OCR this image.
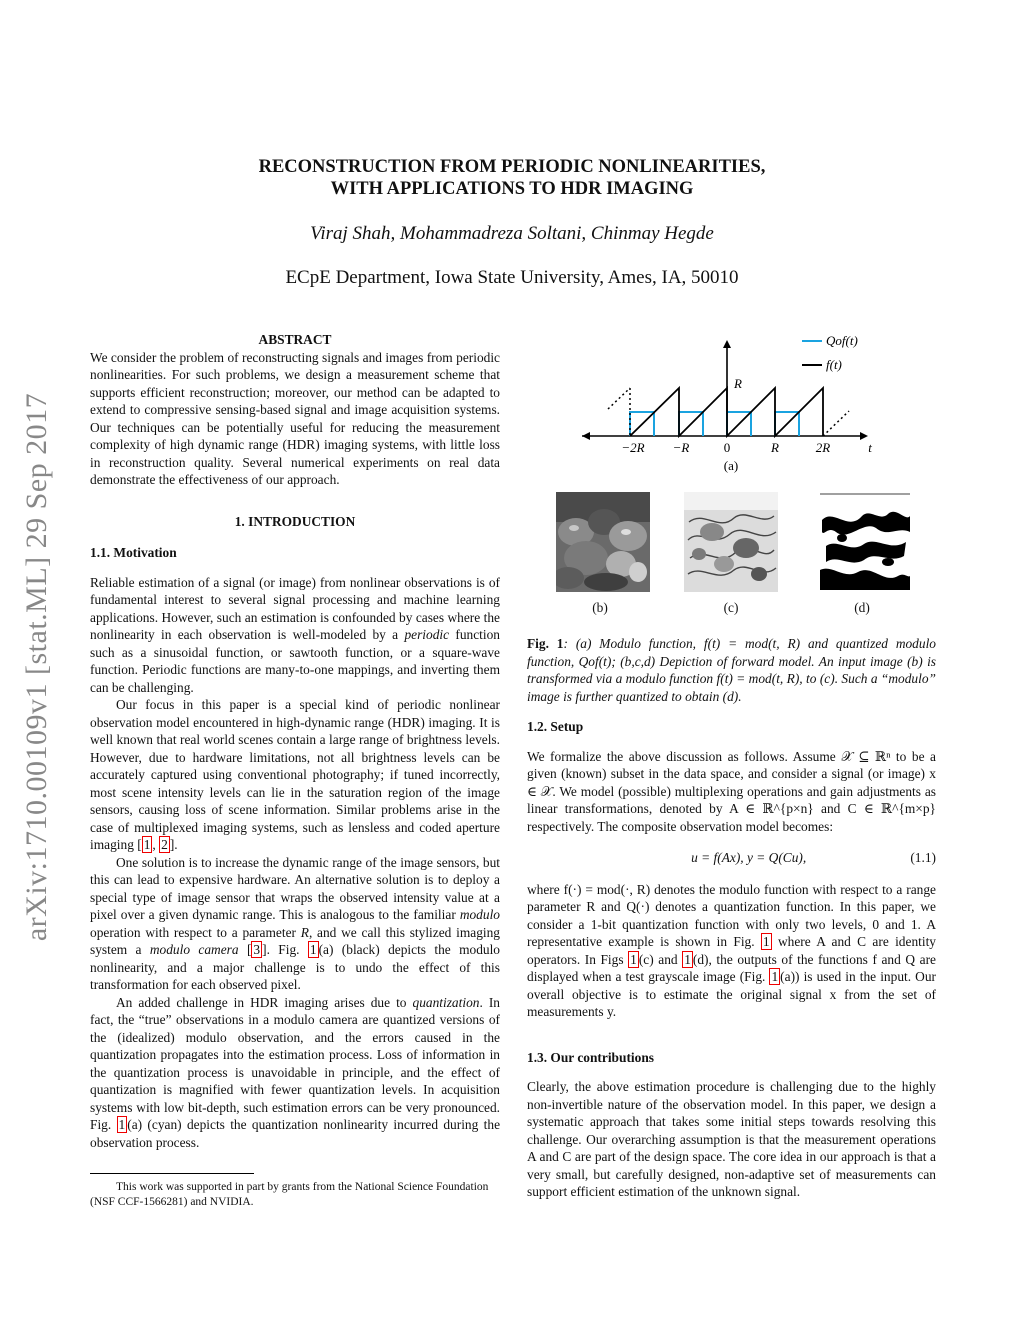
arXiv:1710.00109v1 [stat.ML] 29 Sep 2017
RECONSTRUCTION FROM PERIODIC NONLINEARITIES,
WITH APPLICATIONS TO HDR IMAGING
Viraj Shah, Mohammadreza Soltani, Chinmay Hegde
ECpE Department, Iowa State University, Ames, IA, 50010
ABSTRACT

We consider the problem of reconstructing signals and images from periodic nonlinearities. For such problems, we design a measurement scheme that supports efficient reconstruction; moreover, our method can be adapted to extend to compressive sensing-based signal and image acquisition systems. Our techniques can be potentially useful for reducing the measurement complexity of high dynamic range (HDR) imaging systems, with little loss in reconstruction quality. Several numerical experiments on real data demonstrate the effectiveness of our approach.

1. INTRODUCTION
1.1. Motivation

Reliable estimation of a signal (or image) from nonlinear observations is of fundamental interest to several signal processing and machine learning applications. However, such an estimation is confounded by cases where the nonlinearity in each observation is well-modeled by a periodic function such as a sinusoidal function, or sawtooth function, or a square-wave function. Periodic functions are many-to-one mappings, and inverting them can be challenging.

Our focus in this paper is a special kind of periodic nonlinear observation model encountered in high-dynamic range (HDR) imaging. It is well known that real world scenes contain a large range of brightness levels. However, due to hardware limitations, not all brightness levels can be accurately captured using conventional photography; if tuned incorrectly, most scene intensity levels can lie in the saturation region of the image sensors, causing loss of scene information. Similar problems arise in the case of multiplexed imaging systems, such as lensless and coded aperture imaging [ 1 , 2 ].

One solution is to increase the dynamic range of the image sensors, but this can lead to expensive hardware. An alternative solution is to deploy a special type of image sensor that wraps the observed intensity value at a pixel over a given dynamic range. This is analogous to the familiar modulo operation with respect to a parameter R, and we call this stylized imaging system a modulo camera [ 3 ]. Fig. 1 (a) (black) depicts the modulo nonlinearity, and a major challenge is to undo the effect of this transformation for each observed pixel.

An added challenge in HDR imaging arises due to quantization. In fact, the “true” observations in a modulo camera are quantized versions of the (idealized) modulo observation, and the errors caused in the quantization propagates into the estimation process. Loss of information in the quantization process is unavoidable in principle, and the effect of quantization is magnified with fewer quantization levels. In acquisition systems with low bit-depth, such estimation errors can be very pronounced. Fig. 1 (a) (cyan) depicts the quantization nonlinearity incurred during the observation process.

This work was supported in part by grants from the National Science Foundation (NSF CCF-1566281) and NVIDIA.
Qof(t)
f(t)
R
−2R −R	0	R	2R	t
(a)
(b)	(c)	(d)
Fig. 1: (a) Modulo function, f(t) = mod(t, R) and quantized modulo function, Qof(t); (b,c,d) Depiction of forward model. An input image (b) is transformed via a modulo function f(t) = mod(t, R), to (c). Such a “modulo” image is further quantized to obtain (d).
1.2. Setup

We formalize the above discussion as follows. Assume 𝒳 ⊆ ℝⁿ to be a given (known) subset in the data space, and consider a signal (or image) x ∈ 𝒳. We model (possible) multiplexing operations and gain adjustments as linear transformations, denoted by A ∈ ℝ^{p×n} and C ∈ ℝ^{m×p} respectively. The composite observation model becomes:

u = f(Ax), y = Q(Cu),	(1.1)

where f(·) = mod(·, R) denotes the modulo function with respect to a range parameter R and Q(·) denotes a quantization function. In this paper, we consider a 1-bit quantization function with only two levels, 0 and 1. A representative example is shown in Fig. 1 where A and C are identity operators. In Figs 1 (c) and 1 (d), the outputs of the functions f and Q are displayed when a test grayscale image (Fig. 1 (a)) is used in the input. Our overall objective is to estimate the original signal x from the set of measurements y.

1.3. Our contributions

Clearly, the above estimation procedure is challenging due to the highly non-invertible nature of the observation model. In this paper, we design a systematic approach that takes some initial steps towards resolving this challenge. Our overarching assumption is that the measurement operations A and C are part of the design space. The core idea in our approach is that a very small, but carefully designed, non-adaptive set of measurements can support efficient estimation of the unknown signal.
